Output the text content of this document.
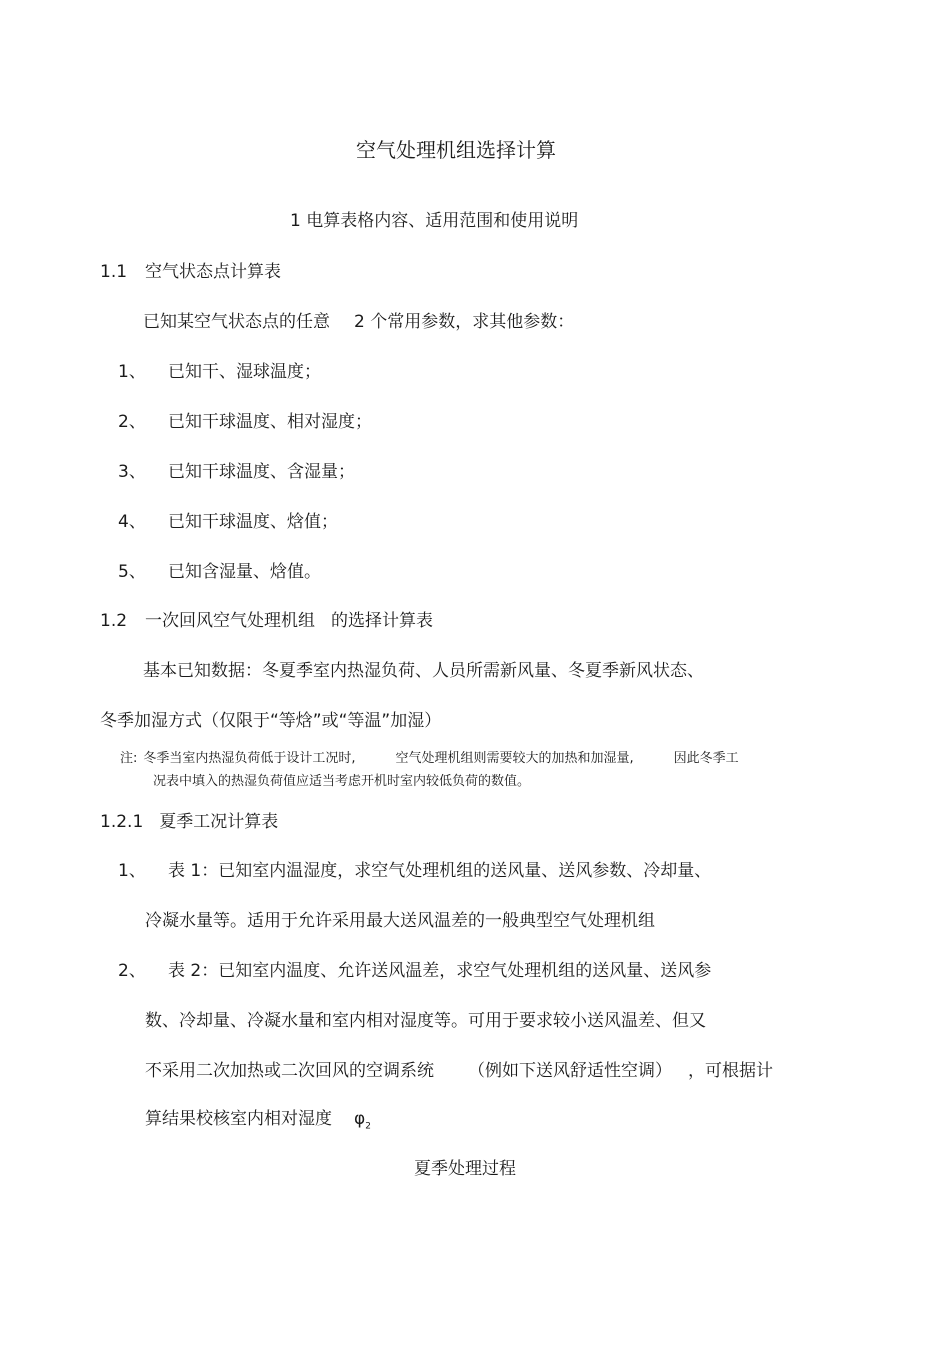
空气处理机组选择计算
1 电算表格内容、适用范围和使用说明
1.1 空气状态点计算表
已知某空气状态点的任意 2 个常用参数，求其他参数：
1、 已知干、湿球温度；
2、 已知干球温度、相对湿度；
3、 已知干球温度、含湿量；
4、 已知干球温度、焓值；
5、 已知含湿量、焓值。
1.2 一次回风空气处理机组 的选择计算表
基本已知数据：冬夏季室内热湿负荷、人员所需新风量、冬夏季新风状态、
冬季加湿方式（仅限于“等焓”或“等温”加湿）
注: 冬季当室内热湿负荷低于设计工况时,	空气处理机组则需要较大的加热和加湿量,	因此冬季工
况表中填入的热湿负荷值应适当考虑开机时室内较低负荷的数值。
1.2.1 夏季工况计算表
1、 表 1：已知室内温湿度，求空气处理机组的送风量、送风参数、冷却量、
冷凝水量等。适用于允许采用最大送风温差的一般典型空气处理机组
2、 表 2：已知室内温度、允许送风温差，求空气处理机组的送风量、送风参
数、冷却量、冷凝水量和室内相对湿度等。可用于要求较小送风温差、但又
不采用二次加热或二次回风的空调系统 （例如下送风舒适性空调） ，可根据计
算结果校核室内相对湿度 $\varphi_2$
夏季处理过程
